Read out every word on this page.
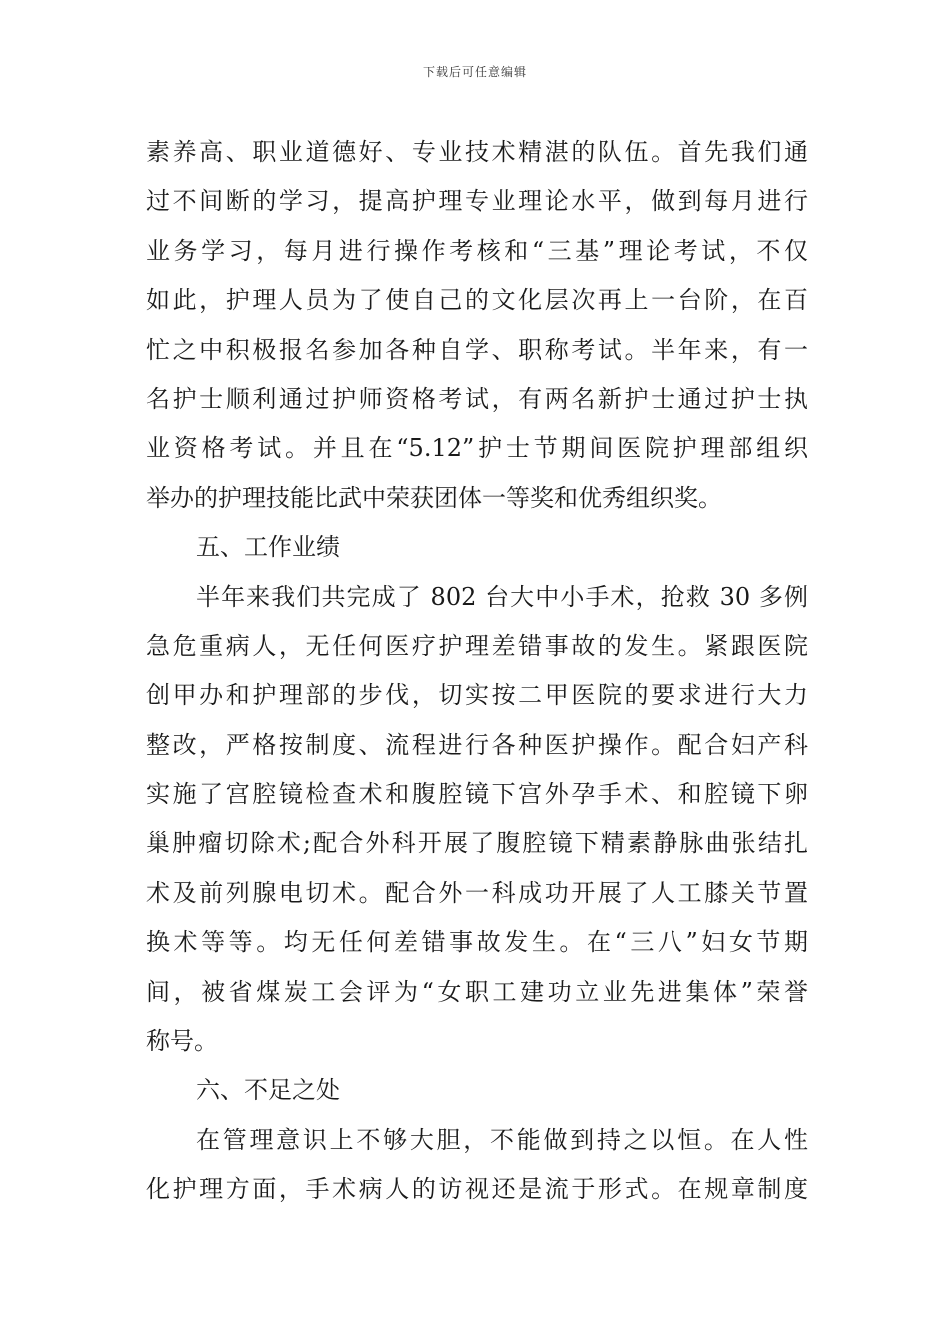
下载后可任意编辑
素养高、职业道德好、专业技术精湛的队伍。首先我们通
过不间断的学习，提高护理专业理论水平，做到每月进行
业务学习，每月进行操作考核和“三基”理论考试，不仅
如此，护理人员为了使自己的文化层次再上一台阶，在百
忙之中积极报名参加各种自学、职称考试。半年来，有一
名护士顺利通过护师资格考试，有两名新护士通过护士执
业资格考试。并且在“5.12”护士节期间医院护理部组织
举办的护理技能比武中荣获团体一等奖和优秀组织奖。
五、工作业绩
半年来我们共完成了 802 台大中小手术，抢救 30 多例
急危重病人，无任何医疗护理差错事故的发生。紧跟医院
创甲办和护理部的步伐，切实按二甲医院的要求进行大力
整改，严格按制度、流程进行各种医护操作。配合妇产科
实施了宫腔镜检查术和腹腔镜下宫外孕手术、和腔镜下卵
巢肿瘤切除术;配合外科开展了腹腔镜下精素静脉曲张结扎
术及前列腺电切术。配合外一科成功开展了人工膝关节置
换术等等。均无任何差错事故发生。在“三八”妇女节期
间，被省煤炭工会评为“女职工建功立业先进集体”荣誉
称号。
六、不足之处
在管理意识上不够大胆，不能做到持之以恒。在人性
化护理方面，手术病人的访视还是流于形式。在规章制度
